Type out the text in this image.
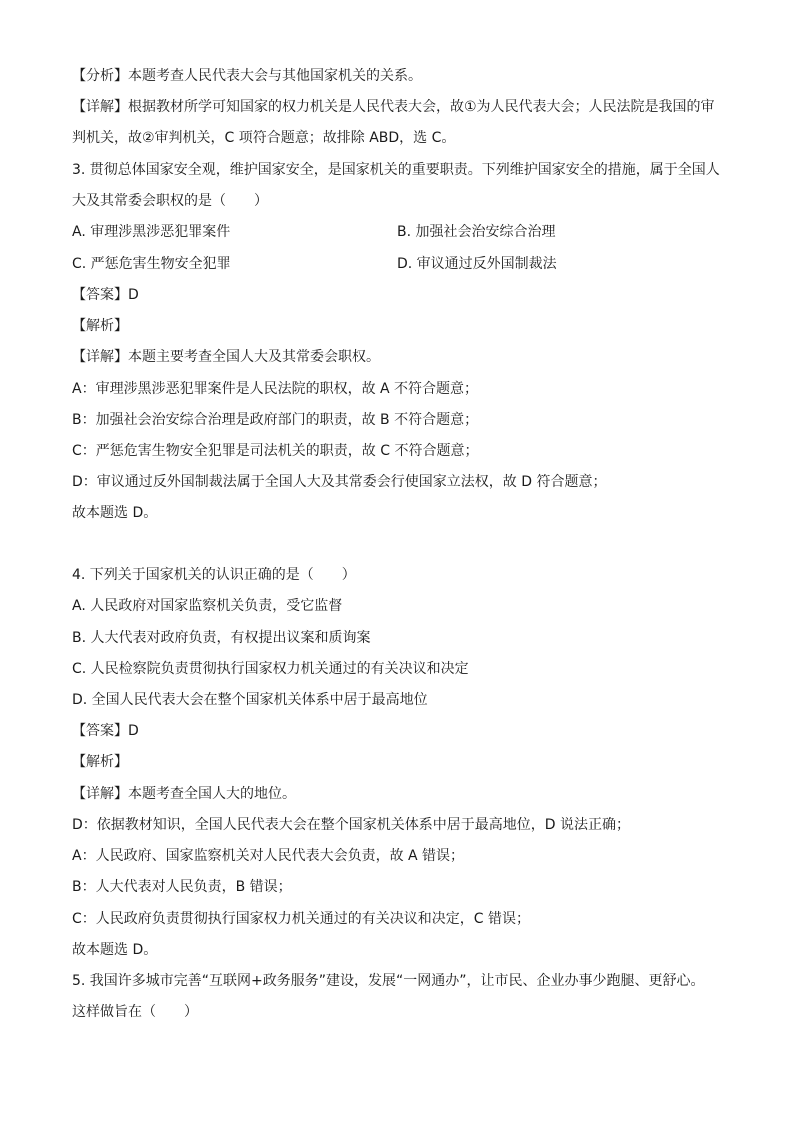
【分析】本题考查人民代表大会与其他国家机关的关系。
【详解】根据教材所学可知国家的权力机关是人民代表大会，故①为人民代表大会；人民法院是我国的审
判机关，故②审判机关，C 项符合题意；故排除 ABD，选 C。
3. 贯彻总体国家安全观，维护国家安全，是国家机关的重要职责。下列维护国家安全的措施，属于全国人
大及其常委会职权的是（　　）
A. 审理涉黑涉恶犯罪案件	B. 加强社会治安综合治理
C. 严惩危害生物安全犯罪	D. 审议通过反外国制裁法
【答案】D
【解析】
【详解】本题主要考查全国人大及其常委会职权。
A：审理涉黑涉恶犯罪案件是人民法院的职权，故 A 不符合题意；
B：加强社会治安综合治理是政府部门的职责，故 B 不符合题意；
C：严惩危害生物安全犯罪是司法机关的职责，故 C 不符合题意；
D：审议通过反外国制裁法属于全国人大及其常委会行使国家立法权，故 D 符合题意；
故本题选 D。
4. 下列关于国家机关的认识正确的是（　　）
A. 人民政府对国家监察机关负责，受它监督
B. 人大代表对政府负责，有权提出议案和质询案
C. 人民检察院负责贯彻执行国家权力机关通过的有关决议和决定
D. 全国人民代表大会在整个国家机关体系中居于最高地位
【答案】D
【解析】
【详解】本题考查全国人大的地位。
D：依据教材知识，全国人民代表大会在整个国家机关体系中居于最高地位，D 说法正确；
A：人民政府、国家监察机关对人民代表大会负责，故 A 错误；
B：人大代表对人民负责，B 错误；
C：人民政府负责贯彻执行国家权力机关通过的有关决议和决定，C 错误；
故本题选 D。
5. 我国许多城市完善“互联网+政务服务”建设，发展“一网通办”，让市民、企业办事少跑腿、更舒心。
这样做旨在（　　）
